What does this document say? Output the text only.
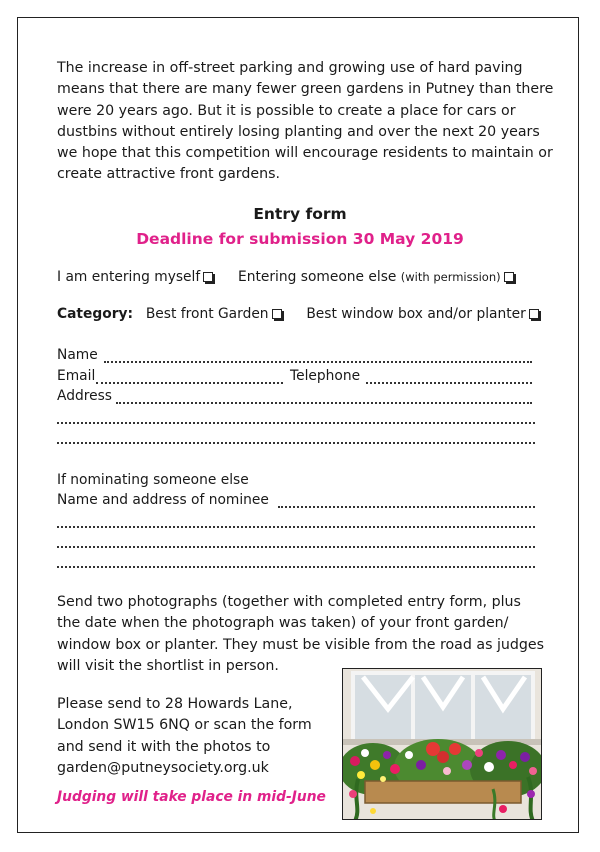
The increase in off-street parking and growing use of hard paving means that there are many fewer green gardens in Putney than there were 20 years ago. But it is possible to create a place for cars or dustbins without entirely losing planting and over the next 20 years we hope that this competition will encourage residents to maintain or create attractive front gardens.

Entry form

Deadline for submission 30 May 2019

I am entering myself	Entering someone else (with permission)
Category: Best front Garden	Best window box and/or planter
Name
Email	Telephone
Address
If nominating someone else
Name and address of nominee

Send two photographs (together with completed entry form, plus the date when the photograph was taken) of your front garden/ window box or planter. They must be visible from the road as judges will visit the shortlist in person.

Please send to 28 Howards Lane, London SW15 6NQ or scan the form and send it with the photos to garden@putneysociety.org.uk

Judging will take place in mid-June
